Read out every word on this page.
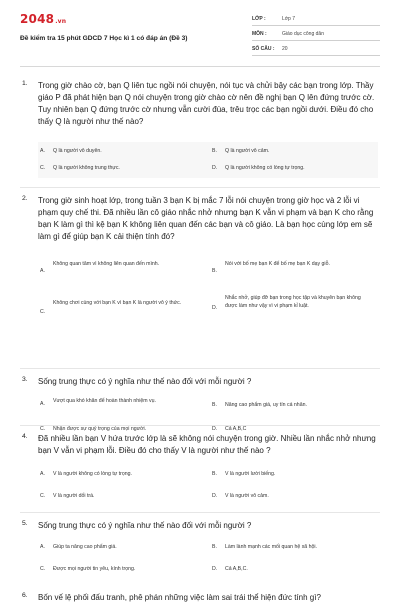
2048.vn
Đề kiểm tra 15 phút GDCD 7 Học kì 1 có đáp án (Đề 3)
LỚP :	Lớp 7
MÔN :	Giáo dục công dân
SỐ CÂU : 20
1. Trong giờ chào cờ, bạn Q liên tục ngồi nói chuyện, nói tục và chửi bậy các bạn trong lớp. Thầy giáo P đã phát hiện bạn Q nói chuyện trong giờ chào cờ nên đề nghị bạn Q lên đứng trước cờ. Tuy nhiên bạn Q đứng trước cờ nhưng vẫn cười đùa, trêu trọc các bạn ngồi dưới. Điều đó cho thấy Q là người như thế nào?
A. Q là người vô duyên.	B. Q là người vô cảm.
C. Q là người không trung thực.	D. Q là người không có lòng tự trọng.
2. Trong giờ sinh hoạt lớp, trong tuần 3 bạn K bị mắc 7 lỗi nói chuyện trong giờ học và 2 lỗi vi phạm quy chế thi. Đã nhiều lần cô giáo nhắc nhở nhưng bạn K vẫn vi phạm và bạn K cho rằng bạn K làm gì thì kệ bạn K không liên quan đến các bạn và cô giáo. Là bạn học cùng lớp em sẽ làm gì để giúp bạn K cải thiện tính đó?
A.
Không quan tâm vì không liên quan đến mình.
B.
Nói với bố mẹ bạn K để bố mẹ bạn K dạy giỗ.
C.
Không chơi cùng với bạn K vì bạn K là người vô ý thức.
D.
Nhắc nhở, giúp đỡ bạn trong học tập và khuyên bạn không được làm như vậy vì vi phạm kỉ luật.
3. Sống trung thực có ý nghĩa như thế nào đối với mỗi người ?
A. Vượt qua khó khăn để hoàn thành nhiệm vụ.
B. Nâng cao phẩm giá, uy tín cá nhân.
C. Nhận được sự quý trọng của mọi người.	D. Cả A,B,C
4. Đã nhiều lần bạn V hứa trước lớp là sẽ không nói chuyện trong giờ. Nhiều lần nhắc nhở nhưng bạn V vẫn vi phạm lỗi. Điều đó cho thấy V là người như thế nào ?
A. V là người không có lòng tự trọng.	B. V là người lười biếng.
C. V là người dối trá.	D. V là người vô cảm.
5. Sống trung thực có ý nghĩa như thế nào đối với mỗi người ?
A. Giúp ta nâng cao phẩm giá.	B. Làm lành mạnh các mối quan hệ xã hội.
C. Được mọi người tin yêu, kính trọng.	D. Cả A,B,C.
6. Bốn vế lệ phối đấu tranh, phê phán những việc làm sai trái thể hiện đức tính gì?
